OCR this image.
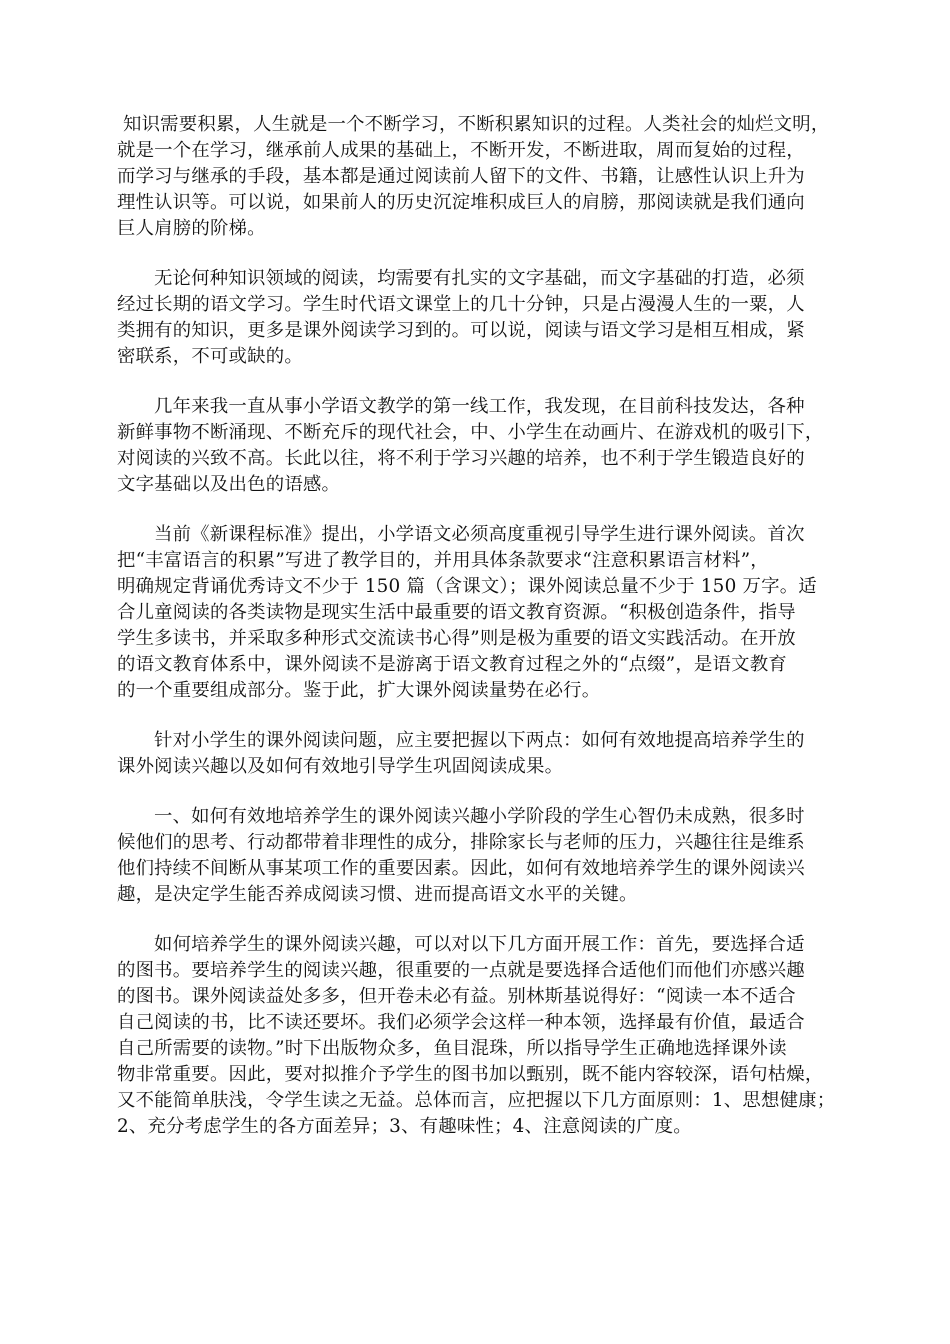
知识需要积累，人生就是一个不断学习，不断积累知识的过程。人类社会的灿烂文明，
就是一个在学习，继承前人成果的基础上，不断开发，不断进取，周而复始的过程，
而学习与继承的手段，基本都是通过阅读前人留下的文件、书籍，让感性认识上升为
理性认识等。可以说，如果前人的历史沉淀堆积成巨人的肩膀，那阅读就是我们通向
巨人肩膀的阶梯。
无论何种知识领域的阅读，均需要有扎实的文字基础，而文字基础的打造，必须
经过长期的语文学习。学生时代语文课堂上的几十分钟，只是占漫漫人生的一粟，人
类拥有的知识，更多是课外阅读学习到的。可以说，阅读与语文学习是相互相成，紧
密联系，不可或缺的。
几年来我一直从事小学语文教学的第一线工作，我发现，在目前科技发达，各种
新鲜事物不断涌现、不断充斥的现代社会，中、小学生在动画片、在游戏机的吸引下，
对阅读的兴致不高。长此以往，将不利于学习兴趣的培养，也不利于学生锻造良好的
文字基础以及出色的语感。
当前《新课程标准》提出，小学语文必须高度重视引导学生进行课外阅读。首次
把“丰富语言的积累”写进了教学目的，并用具体条款要求“注意积累语言材料”，
明确规定背诵优秀诗文不少于 150 篇（含课文）；课外阅读总量不少于 150 万字。适
合儿童阅读的各类读物是现实生活中最重要的语文教育资源。“积极创造条件，指导
学生多读书，并采取多种形式交流读书心得”则是极为重要的语文实践活动。在开放
的语文教育体系中，课外阅读不是游离于语文教育过程之外的“点缀”，是语文教育
的一个重要组成部分。鉴于此，扩大课外阅读量势在必行。
针对小学生的课外阅读问题，应主要把握以下两点：如何有效地提高培养学生的
课外阅读兴趣以及如何有效地引导学生巩固阅读成果。
一、如何有效地培养学生的课外阅读兴趣小学阶段的学生心智仍未成熟，很多时
候他们的思考、行动都带着非理性的成分，排除家长与老师的压力，兴趣往往是维系
他们持续不间断从事某项工作的重要因素。因此，如何有效地培养学生的课外阅读兴
趣，是决定学生能否养成阅读习惯、进而提高语文水平的关键。
如何培养学生的课外阅读兴趣，可以对以下几方面开展工作：首先，要选择合适
的图书。要培养学生的阅读兴趣，很重要的一点就是要选择合适他们而他们亦感兴趣
的图书。课外阅读益处多多，但开卷未必有益。别林斯基说得好：“阅读一本不适合
自己阅读的书，比不读还要坏。我们必须学会这样一种本领，选择最有价值，最适合
自己所需要的读物。”时下出版物众多，鱼目混珠，所以指导学生正确地选择课外读
物非常重要。因此，要对拟推介予学生的图书加以甄别，既不能内容较深，语句枯燥，
又不能简单肤浅，令学生读之无益。总体而言，应把握以下几方面原则：1、思想健康；
2、充分考虑学生的各方面差异；3、有趣味性；4、注意阅读的广度。
